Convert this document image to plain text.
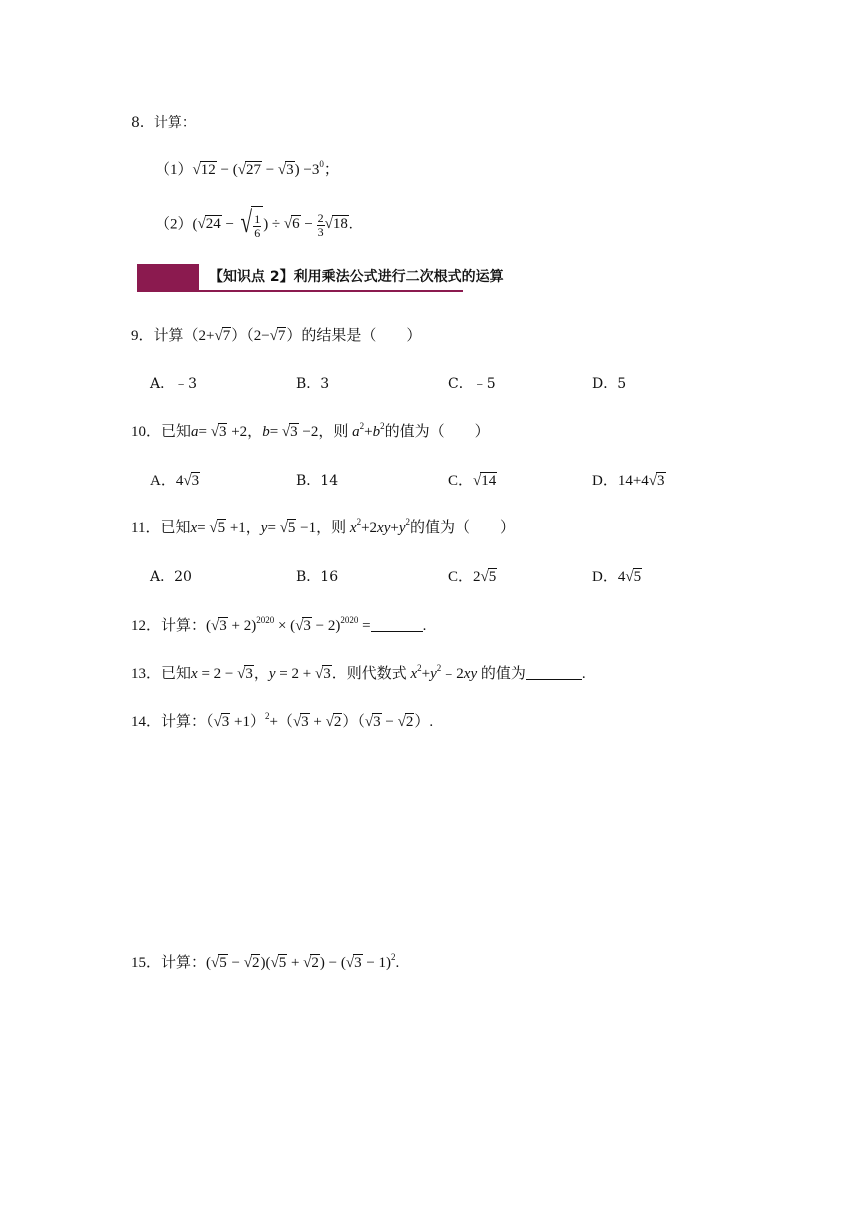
8．计算：
$(1)√12 - (√27 - √3) -3^0$；
（2）(√24 − √ $\frac{1}{6}$ ) ÷ $√6 - \frac{2}{3} √18$.
【知识点 2】利用乘法公式进行二次根式的运算
9．计算（2+√7）（2−√7）的结果是（　　）
A．﹣3	B．3	C．﹣5	D．5
10．已知a= √3 +2，b= √3 −2，则 $a^2+b^2$的值为（　　）
A．4√3	B．14	C．√14	D．14+4√3
11．已知x= √5 +1，y= √5 −1，则 $x^2+2xy+y^2$的值为（　　）
A．20	B．16	C．2√5	D．4√5
12．计算：$(√3 + 2)^{2020} \times (√3 - 2)^{2020}$ =	.
13．已知x = 2 − √3，y = 2 + √3．则代数式 $x^2+y^2﹣2xy$ 的值为	.
14．计算：$(√3 +1)^2+(√3 + √2)(√3 - √2)$.
15．计算：$(√5 - √2)(√5 + √2) - (√3 - 1)^2$.
